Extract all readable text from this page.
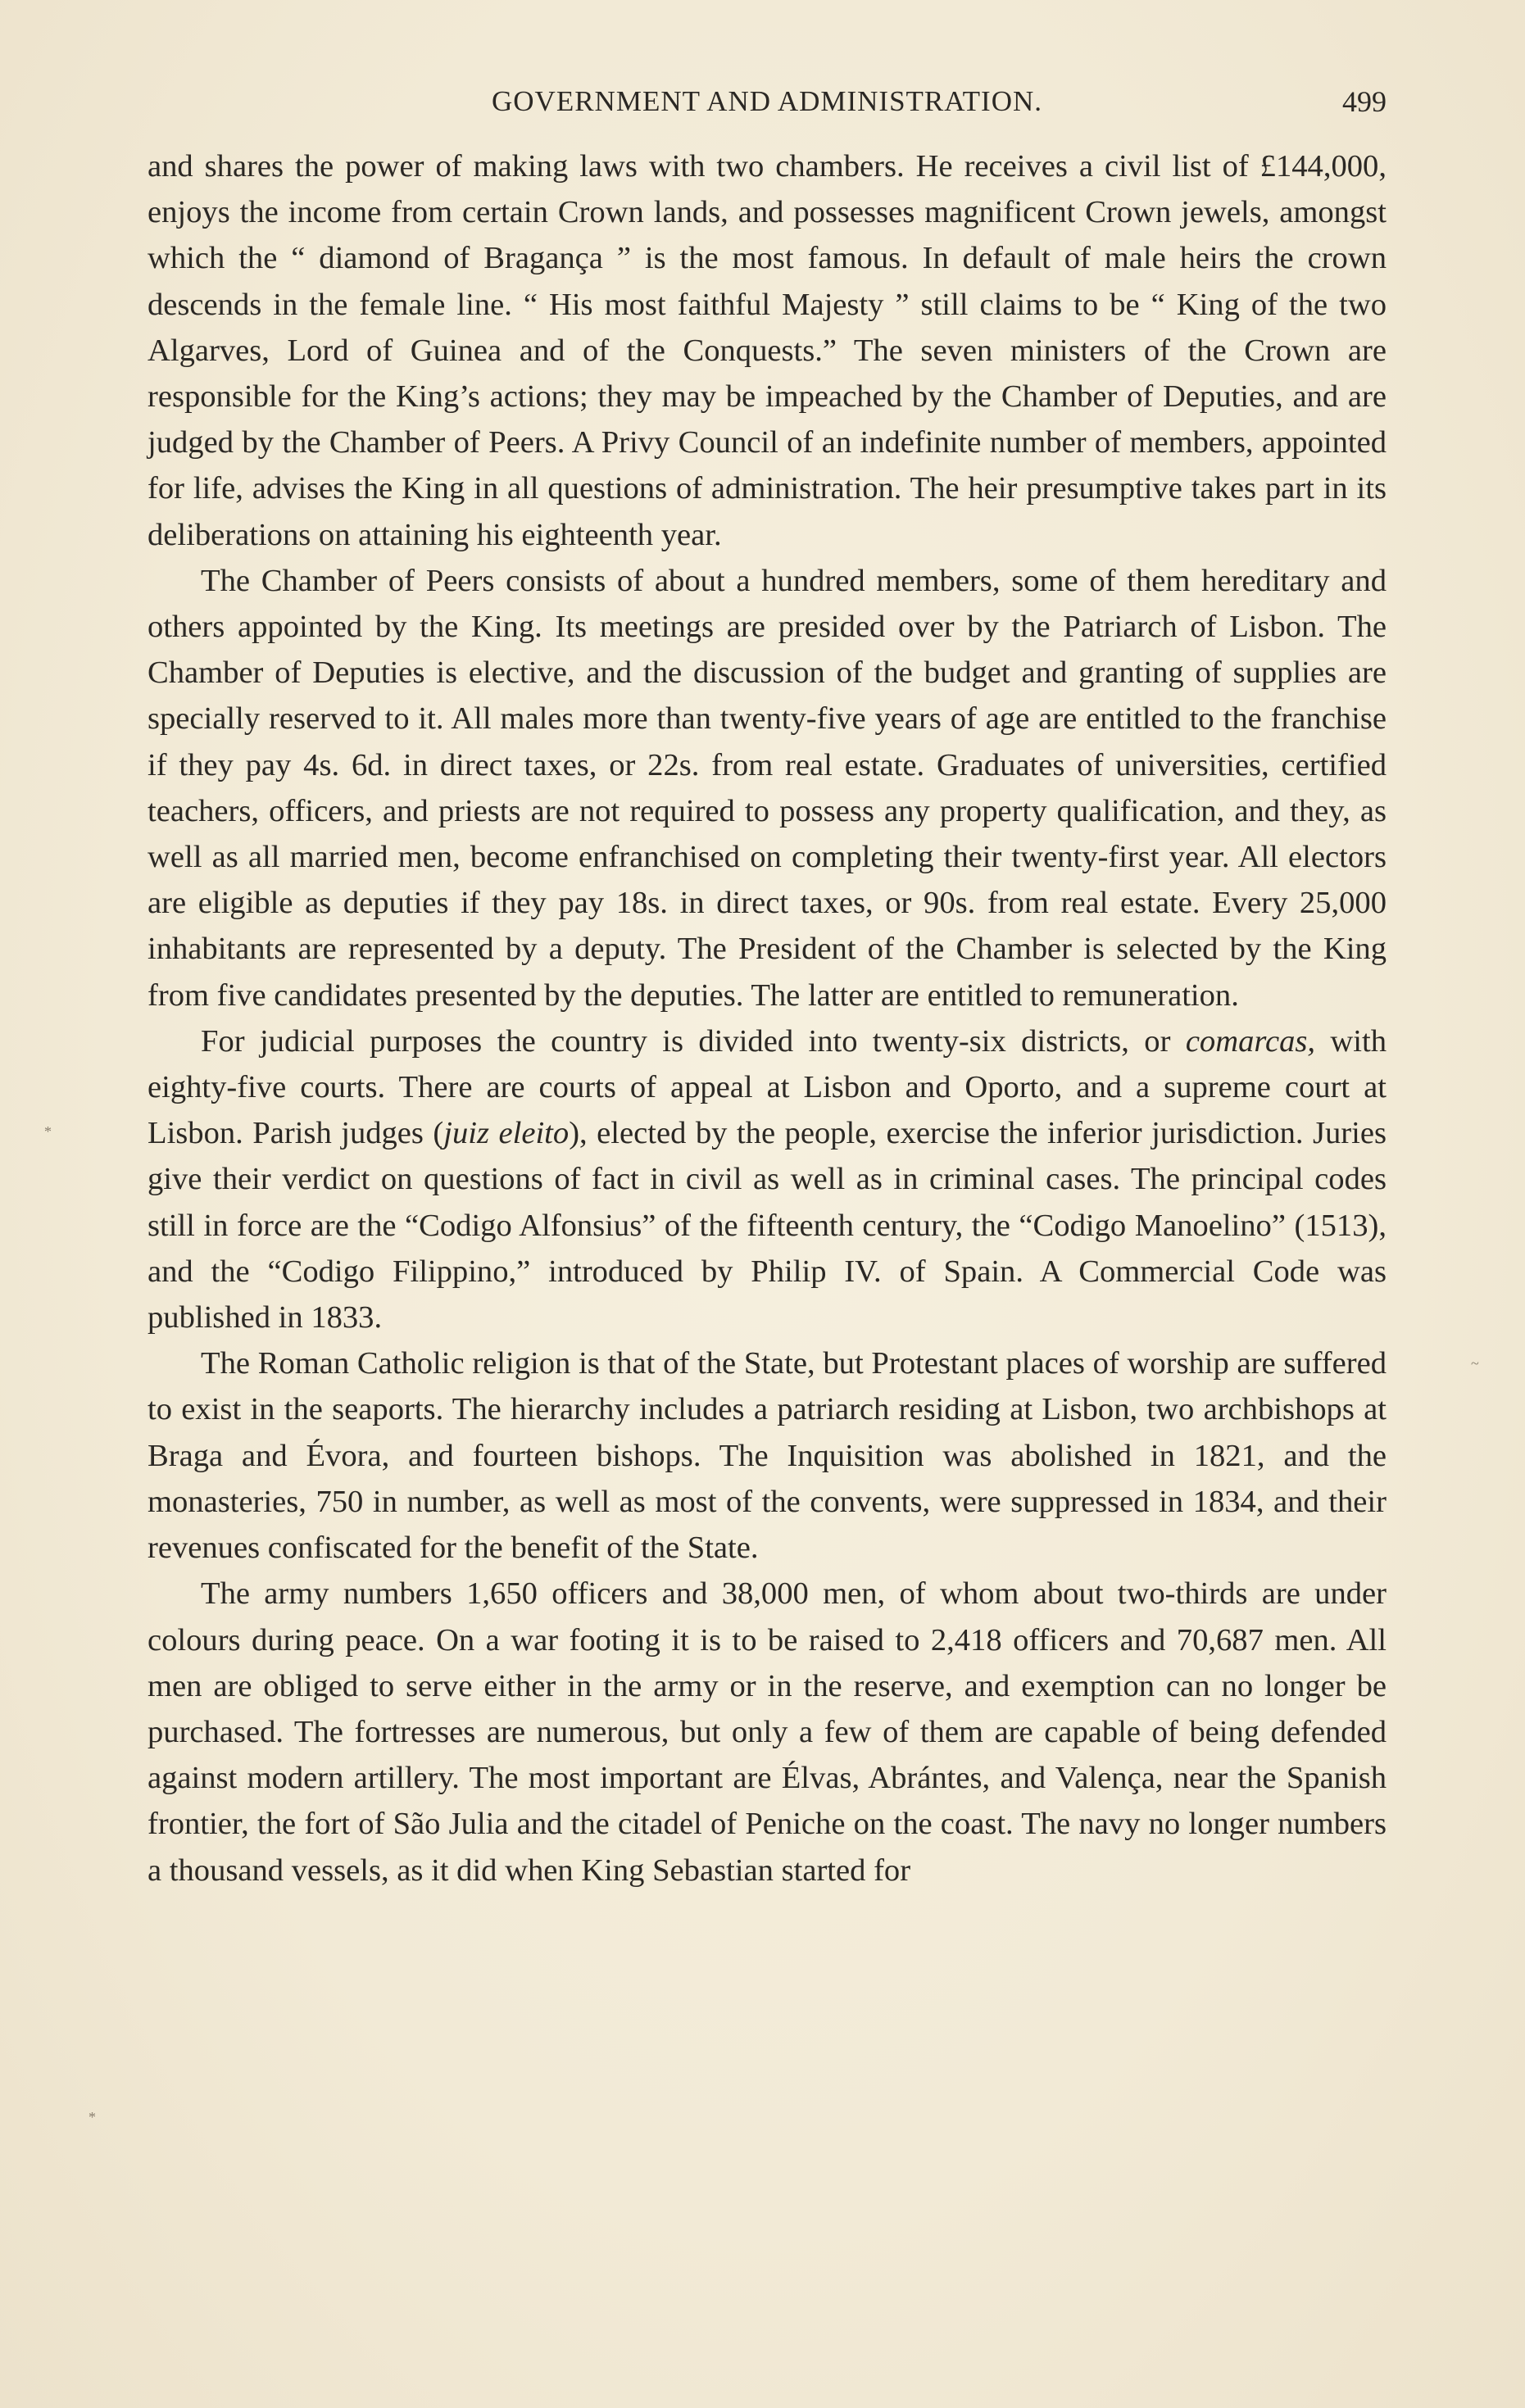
GOVERNMENT AND ADMINISTRATION.	499

and shares the power of making laws with two chambers. He receives a civil list of £144,000, enjoys the income from certain Crown lands, and possesses magnificent Crown jewels, amongst which the “ diamond of Bragança ” is the most famous. In default of male heirs the crown descends in the female line. “ His most faithful Majesty ” still claims to be “ King of the two Algarves, Lord of Guinea and of the Conquests.” The seven ministers of the Crown are responsible for the King’s actions; they may be impeached by the Chamber of Deputies, and are judged by the Chamber of Peers. A Privy Council of an indefinite number of members, appointed for life, advises the King in all questions of administration. The heir presumptive takes part in its deliberations on attaining his eighteenth year.

The Chamber of Peers consists of about a hundred members, some of them hereditary and others appointed by the King. Its meetings are presided over by the Patriarch of Lisbon. The Chamber of Deputies is elective, and the discussion of the budget and granting of supplies are specially reserved to it. All males more than twenty-five years of age are entitled to the franchise if they pay 4s. 6d. in direct taxes, or 22s. from real estate. Graduates of universities, certified teachers, officers, and priests are not required to possess any property qualification, and they, as well as all married men, become enfranchised on completing their twenty-first year. All electors are eligible as deputies if they pay 18s. in direct taxes, or 90s. from real estate. Every 25,000 inhabitants are represented by a deputy. The President of the Chamber is selected by the King from five candidates presented by the deputies. The latter are entitled to remuneration.

For judicial purposes the country is divided into twenty-six districts, or comarcas, with eighty-five courts. There are courts of appeal at Lisbon and Oporto, and a supreme court at Lisbon. Parish judges (juiz eleito), elected by the people, exercise the inferior jurisdiction. Juries give their verdict on questions of fact in civil as well as in criminal cases. The principal codes still in force are the “Codigo Alfonsius” of the fifteenth century, the “Codigo Manoelino” (1513), and the “Codigo Filippino,” introduced by Philip IV. of Spain. A Commercial Code was published in 1833.

The Roman Catholic religion is that of the State, but Protestant places of worship are suffered to exist in the seaports. The hierarchy includes a patriarch residing at Lisbon, two archbishops at Braga and Évora, and fourteen bishops. The Inquisition was abolished in 1821, and the monasteries, 750 in number, as well as most of the convents, were suppressed in 1834, and their revenues confiscated for the benefit of the State.

The army numbers 1,650 officers and 38,000 men, of whom about two-thirds are under colours during peace. On a war footing it is to be raised to 2,418 officers and 70,687 men. All men are obliged to serve either in the army or in the reserve, and exemption can no longer be purchased. The fortresses are numerous, but only a few of them are capable of being defended against modern artillery. The most important are Élvas, Abrántes, and Valença, near the Spanish frontier, the fort of São Julia and the citadel of Peniche on the coast. The navy no longer numbers a thousand vessels, as it did when King Sebastian started for

*
*
~
